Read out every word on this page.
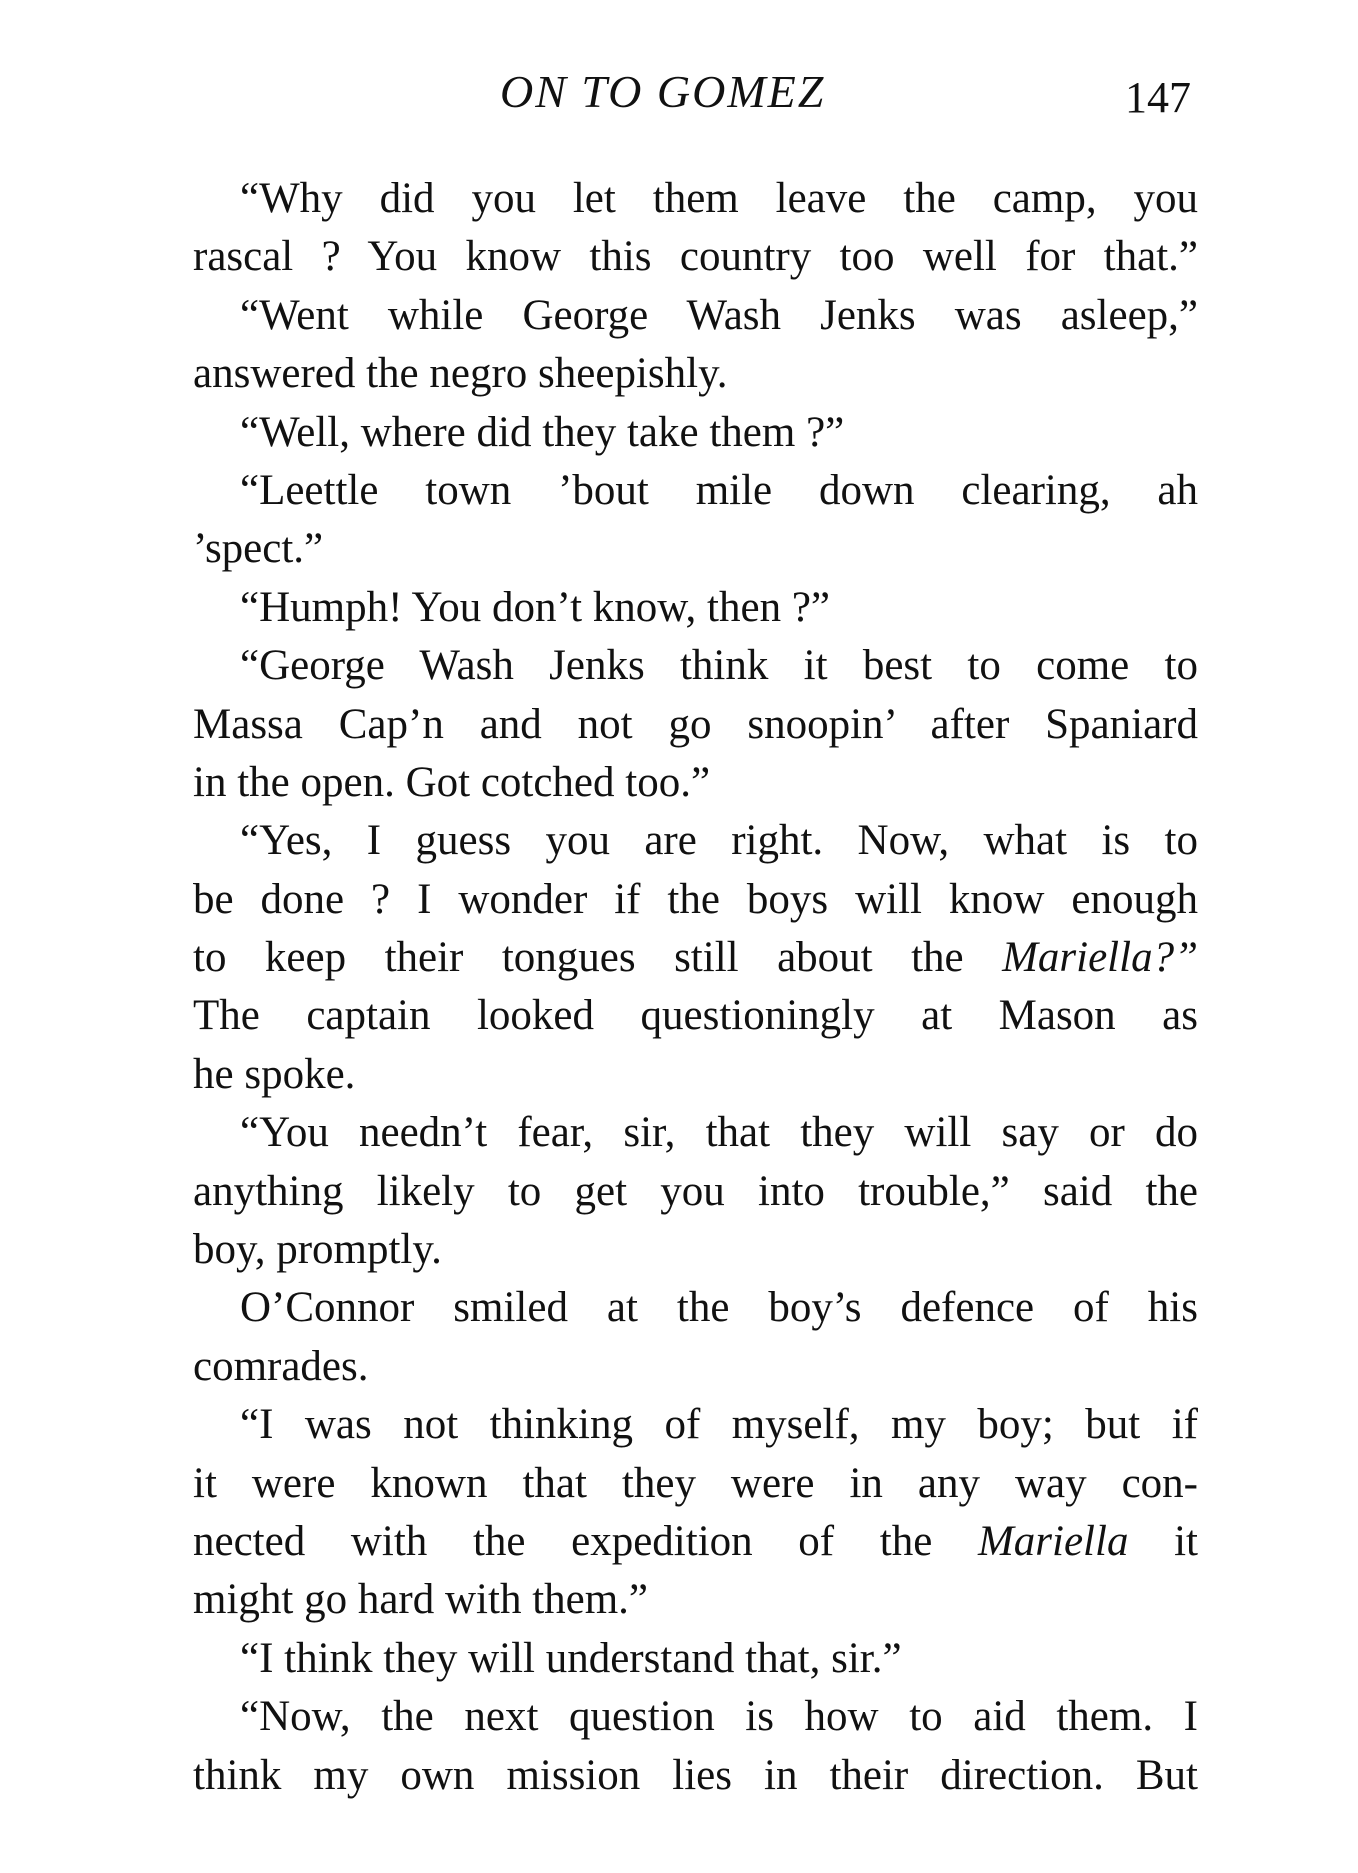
ON TO GOMEZ	147
“Why did you let them leave the camp, you
rascal ? You know this country too well for that.”
“Went while George Wash Jenks was asleep,”
answered the negro sheepishly.
“Well, where did they take them ?”
“Leettle town ’bout mile down clearing, ah
’spect.”
“Humph! You don’t know, then ?”
“George Wash Jenks think it best to come to
Massa Cap’n and not go snoopin’ after Spaniard
in the open. Got cotched too.”
“Yes, I guess you are right. Now, what is to
be done ? I wonder if the boys will know enough
to keep their tongues still about the Mariella?”
The captain looked questioningly at Mason as
he spoke.
“You needn’t fear, sir, that they will say or do
anything likely to get you into trouble,” said the
boy, promptly.
O’Connor smiled at the boy’s defence of his
comrades.
“I was not thinking of myself, my boy; but if
it were known that they were in any way con-
nected with the expedition of the Mariella it
might go hard with them.”
“I think they will understand that, sir.”
“Now, the next question is how to aid them. I
think my own mission lies in their direction. But
